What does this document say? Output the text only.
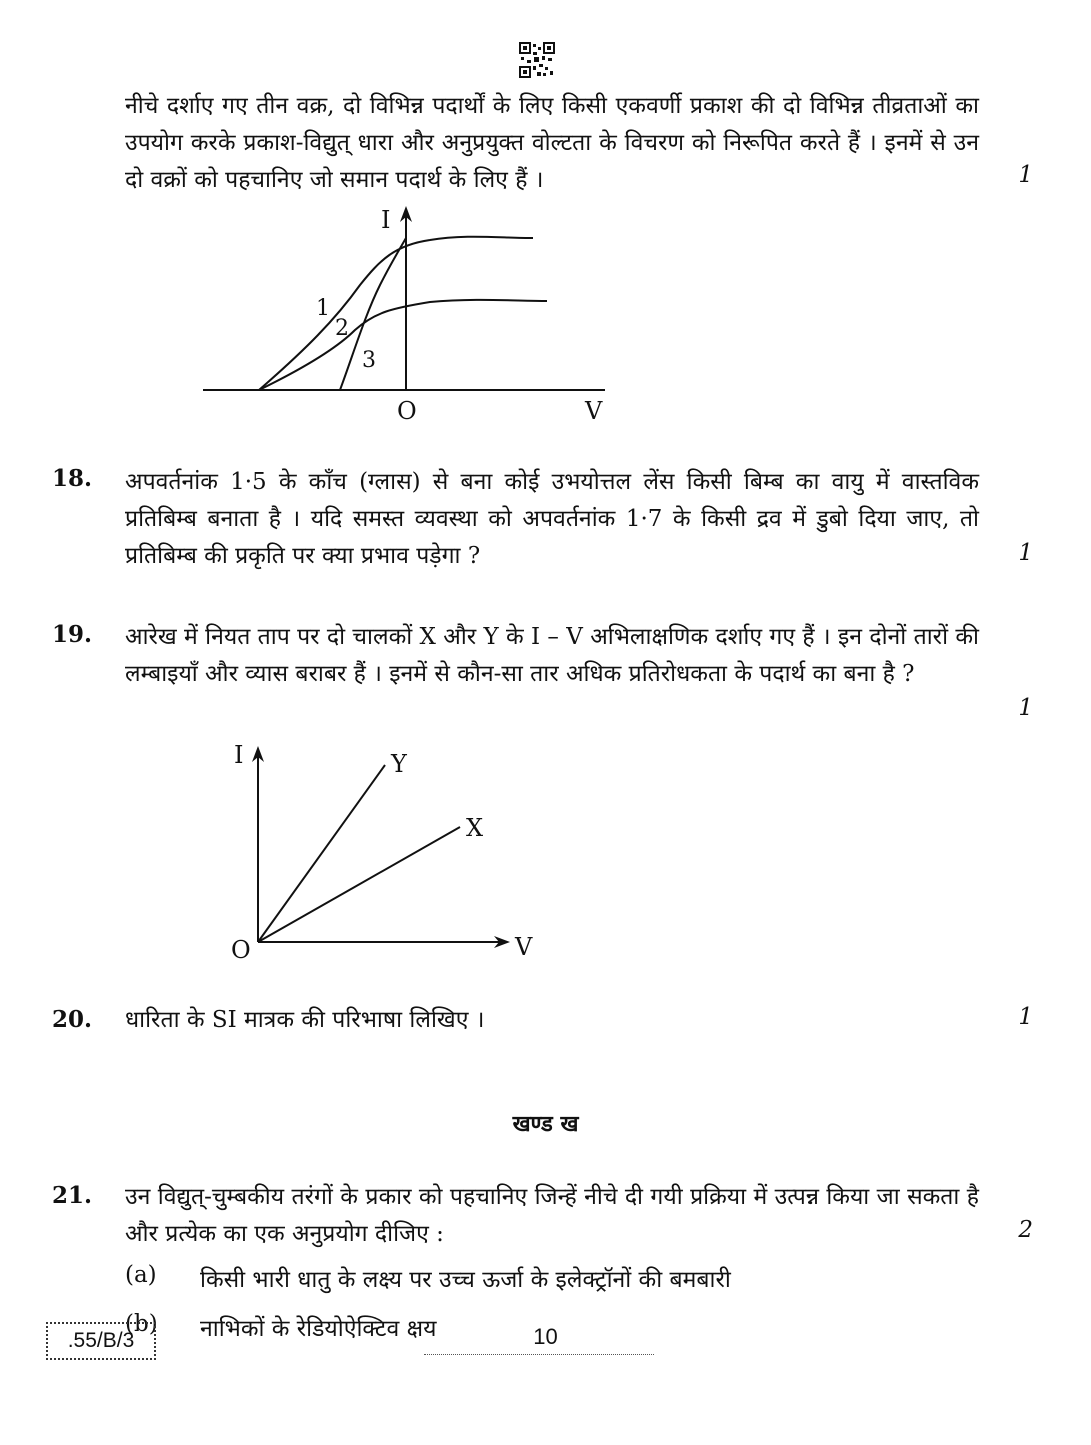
नीचे दर्शाए गए तीन वक्र, दो विभिन्न पदार्थों के लिए किसी एकवर्णी प्रकाश की दो विभिन्न तीव्रताओं का उपयोग करके प्रकाश-विद्युत् धारा और अनुप्रयुक्त वोल्टता के विचरण को निरूपित करते हैं । इनमें से उन दो वक्रों को पहचानिए जो समान पदार्थ के लिए हैं ।	1
I
O	V
1
2
3
18. अपवर्तनांक 1·5 के काँच (ग्लास) से बना कोई उभयोत्तल लेंस किसी बिम्ब का वायु में वास्तविक प्रतिबिम्ब बनाता है । यदि समस्त व्यवस्था को अपवर्तनांक 1·7 के किसी द्रव में डुबो दिया जाए, तो प्रतिबिम्ब की प्रकृति पर क्या प्रभाव पड़ेगा ?	1
19. आरेख में नियत ताप पर दो चालकों X और Y के I – V अभिलाक्षणिक दर्शाए गए हैं । इन दोनों तारों की लम्बाइयाँ और व्यास बराबर हैं । इनमें से कौन-सा तार अधिक प्रतिरोधकता के पदार्थ का बना है ?
1
I
O	V
Y
X
20. धारिता के SI मात्रक की परिभाषा लिखिए ।	1
खण्ड ख
21. उन विद्युत्-चुम्बकीय तरंगों के प्रकार को पहचानिए जिन्हें नीचे दी गयी प्रक्रिया में उत्पन्न किया जा सकता है और प्रत्येक का एक अनुप्रयोग दीजिए :	2
(a) किसी भारी धातु के लक्ष्य पर उच्च ऊर्जा के इलेक्ट्रॉनों की बमबारी
(b) नाभिकों के रेडियोऐक्टिव क्षय
.55/B/3	10
